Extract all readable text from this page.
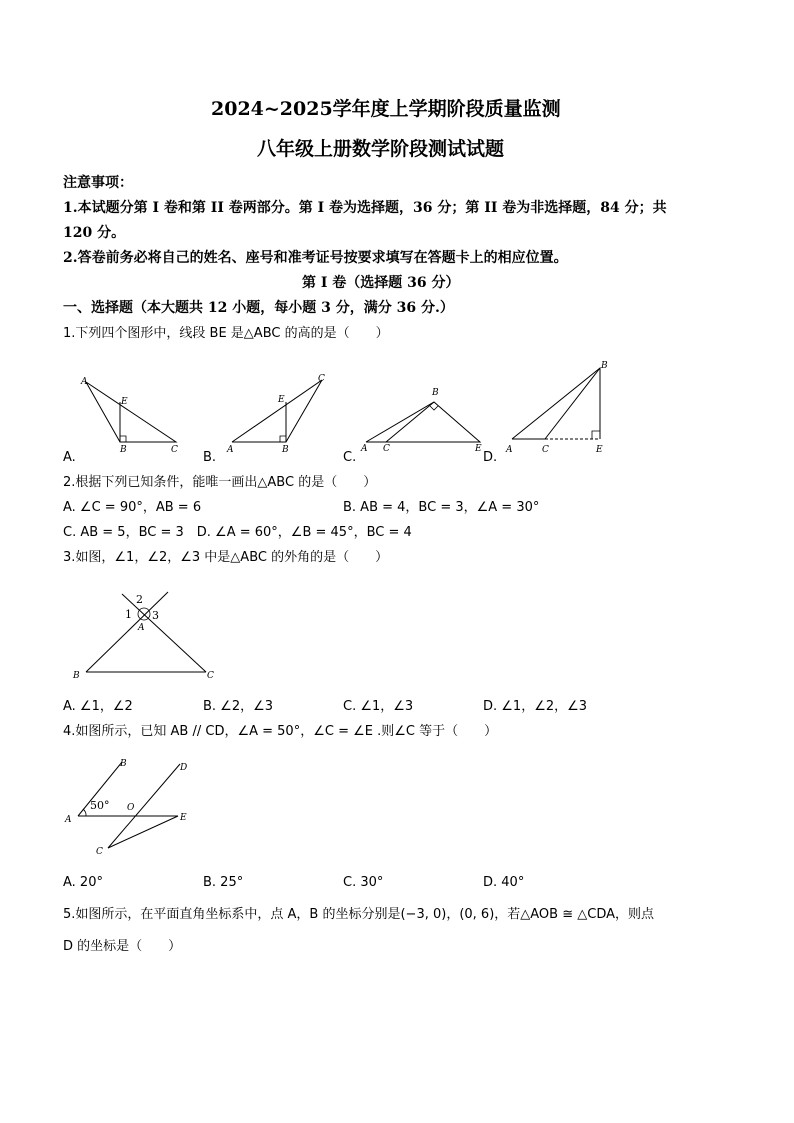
2024~2025学年度上学期阶段质量监测
八年级上册数学阶段测试试题
注意事项：
1.本试题分第 I 卷和第 II 卷两部分。第 I 卷为选择题，36 分；第 II 卷为非选择题，84 分；共
120 分。
2.答卷前务必将自己的姓名、座号和准考证号按要求填写在答题卡上的相应位置。
第 I 卷（选择题 36 分）
一、选择题（本大题共 12 小题，每小题 3 分，满分 36 分.）
1.下列四个图形中，线段 BE 是△ABC 的高的是（　　）
A
E
B	C
A.
C
E
A	B
B.
B
A C	E
C.
B
A	C	E
D.
2.根据下列已知条件，能唯一画出△ABC 的是（　　）
A. ∠C = 90°，AB = 6	B. AB = 4，BC = 3，∠A = 30°
C. AB = 5，BC = 3　D. ∠A = 60°，∠B = 45°，BC = 4
3.如图，∠1，∠2，∠3 中是△ABC 的外角的是（　　）
2
1 3
A
B	C
A. ∠1，∠2	B. ∠2，∠3	C. ∠1，∠3	D. ∠1，∠2，∠3
4.如图所示，已知 AB // CD，∠A = 50°，∠C = ∠E .则∠C 等于（　　）
B	D
50° O
A	E
C
A. 20°	B. 25°	C. 30°	D. 40°
5.如图所示，在平面直角坐标系中，点 A，B 的坐标分别是(−3, 0)，(0, 6)，若△AOB ≅ △CDA，则点
D 的坐标是（　　）
